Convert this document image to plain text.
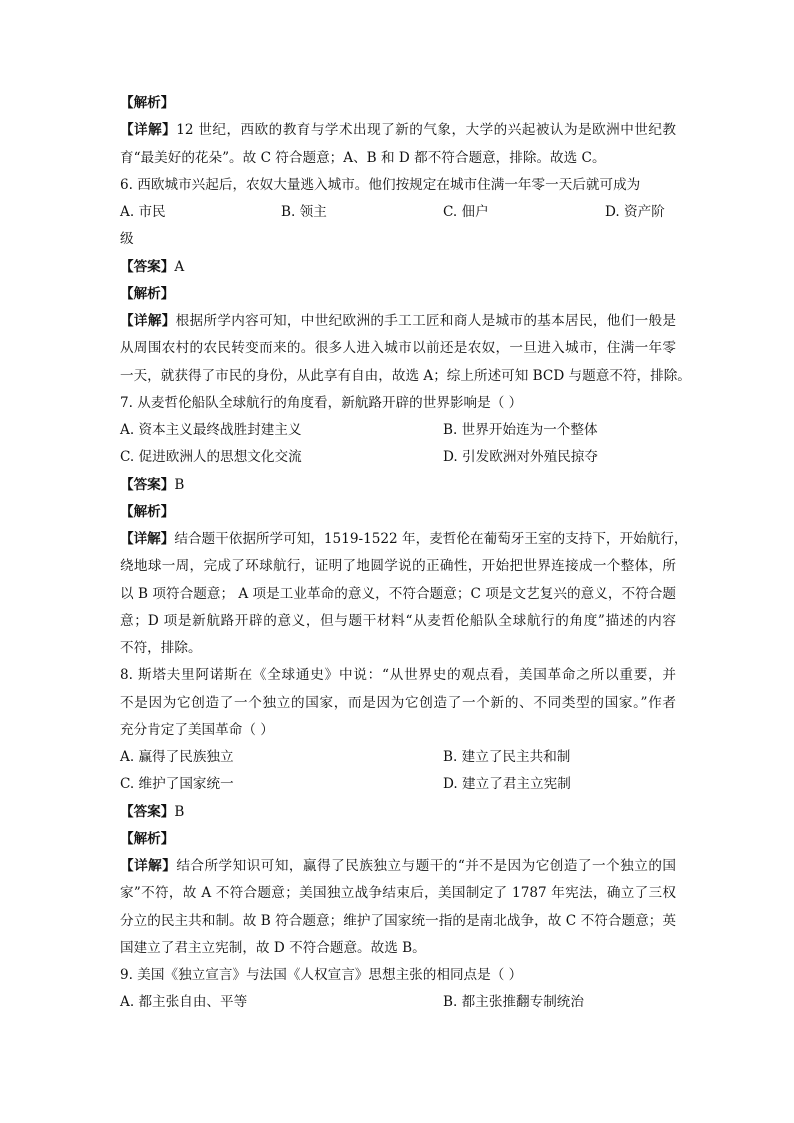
【解析】
【详解】12 世纪，西欧的教育与学术出现了新的气象，大学的兴起被认为是欧洲中世纪教
育“最美好的花朵”。故 C 符合题意；A、B 和 D 都不符合题意，排除。故选 C。
6. 西欧城市兴起后，农奴大量逃入城市。他们按规定在城市住满一年零一天后就可成为
A. 市民	B. 领主	C. 佃户	D. 资产阶
级
【答案】A
【解析】
【详解】根据所学内容可知，中世纪欧洲的手工工匠和商人是城市的基本居民，他们一般是
从周围农村的农民转变而来的。很多人进入城市以前还是农奴，一旦进入城市，住满一年零
一天，就获得了市民的身份，从此享有自由，故选 A；综上所述可知 BCD 与题意不符，排除。
7. 从麦哲伦船队全球航行的角度看，新航路开辟的世界影响是（ ）
A. 资本主义最终战胜封建主义	B. 世界开始连为一个整体
C. 促进欧洲人的思想文化交流	D. 引发欧洲对外殖民掠夺
【答案】B
【解析】
【详解】结合题干依据所学可知，1519-1522 年，麦哲伦在葡萄牙王室的支持下，开始航行，
绕地球一周，完成了环球航行，证明了地圆学说的正确性，开始把世界连接成一个整体，所
以 B 项符合题意； A 项是工业革命的意义，不符合题意；C 项是文艺复兴的意义，不符合题
意；D 项是新航路开辟的意义，但与题干材料“从麦哲伦船队全球航行的角度”描述的内容
不符，排除。
8. 斯塔夫里阿诺斯在《全球通史》中说：“从世界史的观点看，美国革命之所以重要，并
不是因为它创造了一个独立的国家，而是因为它创造了一个新的、不同类型的国家。”作者
充分肯定了美国革命（ ）
A. 赢得了民族独立	B. 建立了民主共和制
C. 维护了国家统一	D. 建立了君主立宪制
【答案】B
【解析】
【详解】结合所学知识可知，赢得了民族独立与题干的“并不是因为它创造了一个独立的国
家”不符，故 A 不符合题意；美国独立战争结束后，美国制定了 1787 年宪法，确立了三权
分立的民主共和制。故 B 符合题意；维护了国家统一指的是南北战争，故 C 不符合题意；英
国建立了君主立宪制，故 D 不符合题意。故选 B。
9. 美国《独立宣言》与法国《人权宣言》思想主张的相同点是（ ）
A. 都主张自由、平等	B. 都主张推翻专制统治
